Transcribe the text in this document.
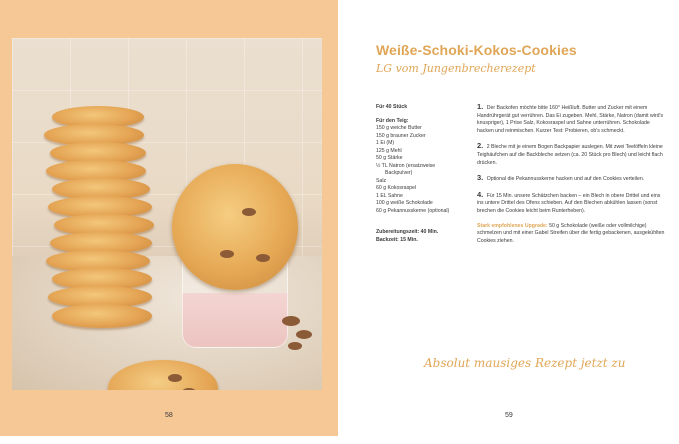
58
Weiße-Schoki-Kokos-Cookies
LG vom Jungenbrecherezept
Für 40 Stück
Für den Teig:
150 g weiche Butter
150 g brauner Zucker
1 Ei (M)
125 g Mehl
50 g Stärke
½ TL Natron (ersatzweise
Backpulver)
Salz
60 g Kokosraspel
1 EL Sahne
100 g weiße Schokolade
60 g Pekannusskerne (optional)
Zubereitungszeit: 40 Min.
Backzeit: 15 Min.
1. Der Backofen möchte bitte 160° Heißluft. Butter und Zucker mit einem Handrührgerät gut verrühren. Das Ei zugeben. Mehl, Stärke, Natron (damit wird's knuspriger), 1 Prise Salz, Kokosraspel und Sahne unterrühren. Schokolade hacken und reinmischen. Kurzer Test: Probieren, ob's schmeckt.
2. 2 Bleche mit je einem Bogen Backpapier auslegen. Mit zwei Teelöffeln kleine Teighäufchen auf die Backbleche setzen (ca. 20 Stück pro Blech) und leicht flach drücken.
3. Optional die Pekannusskerne hacken und auf den Cookies verteilen.
4. Für 15 Min. unsere Schätzchen backen – ein Blech in obere Drittel und eins ins untere Drittel des Ofens schieben. Auf den Blechen abkühlen lassen (sonst brechen die Cookies leicht beim Runterheben).
Stark empfohlenes Upgrade: 50 g Schokolade (weiße oder vollmilchige) schmelzen und mit einer Gabel Streifen über die fertig gebackenen, ausgekühlten Cookies ziehen.
Absolut mausiges Rezept jetzt zu
59
